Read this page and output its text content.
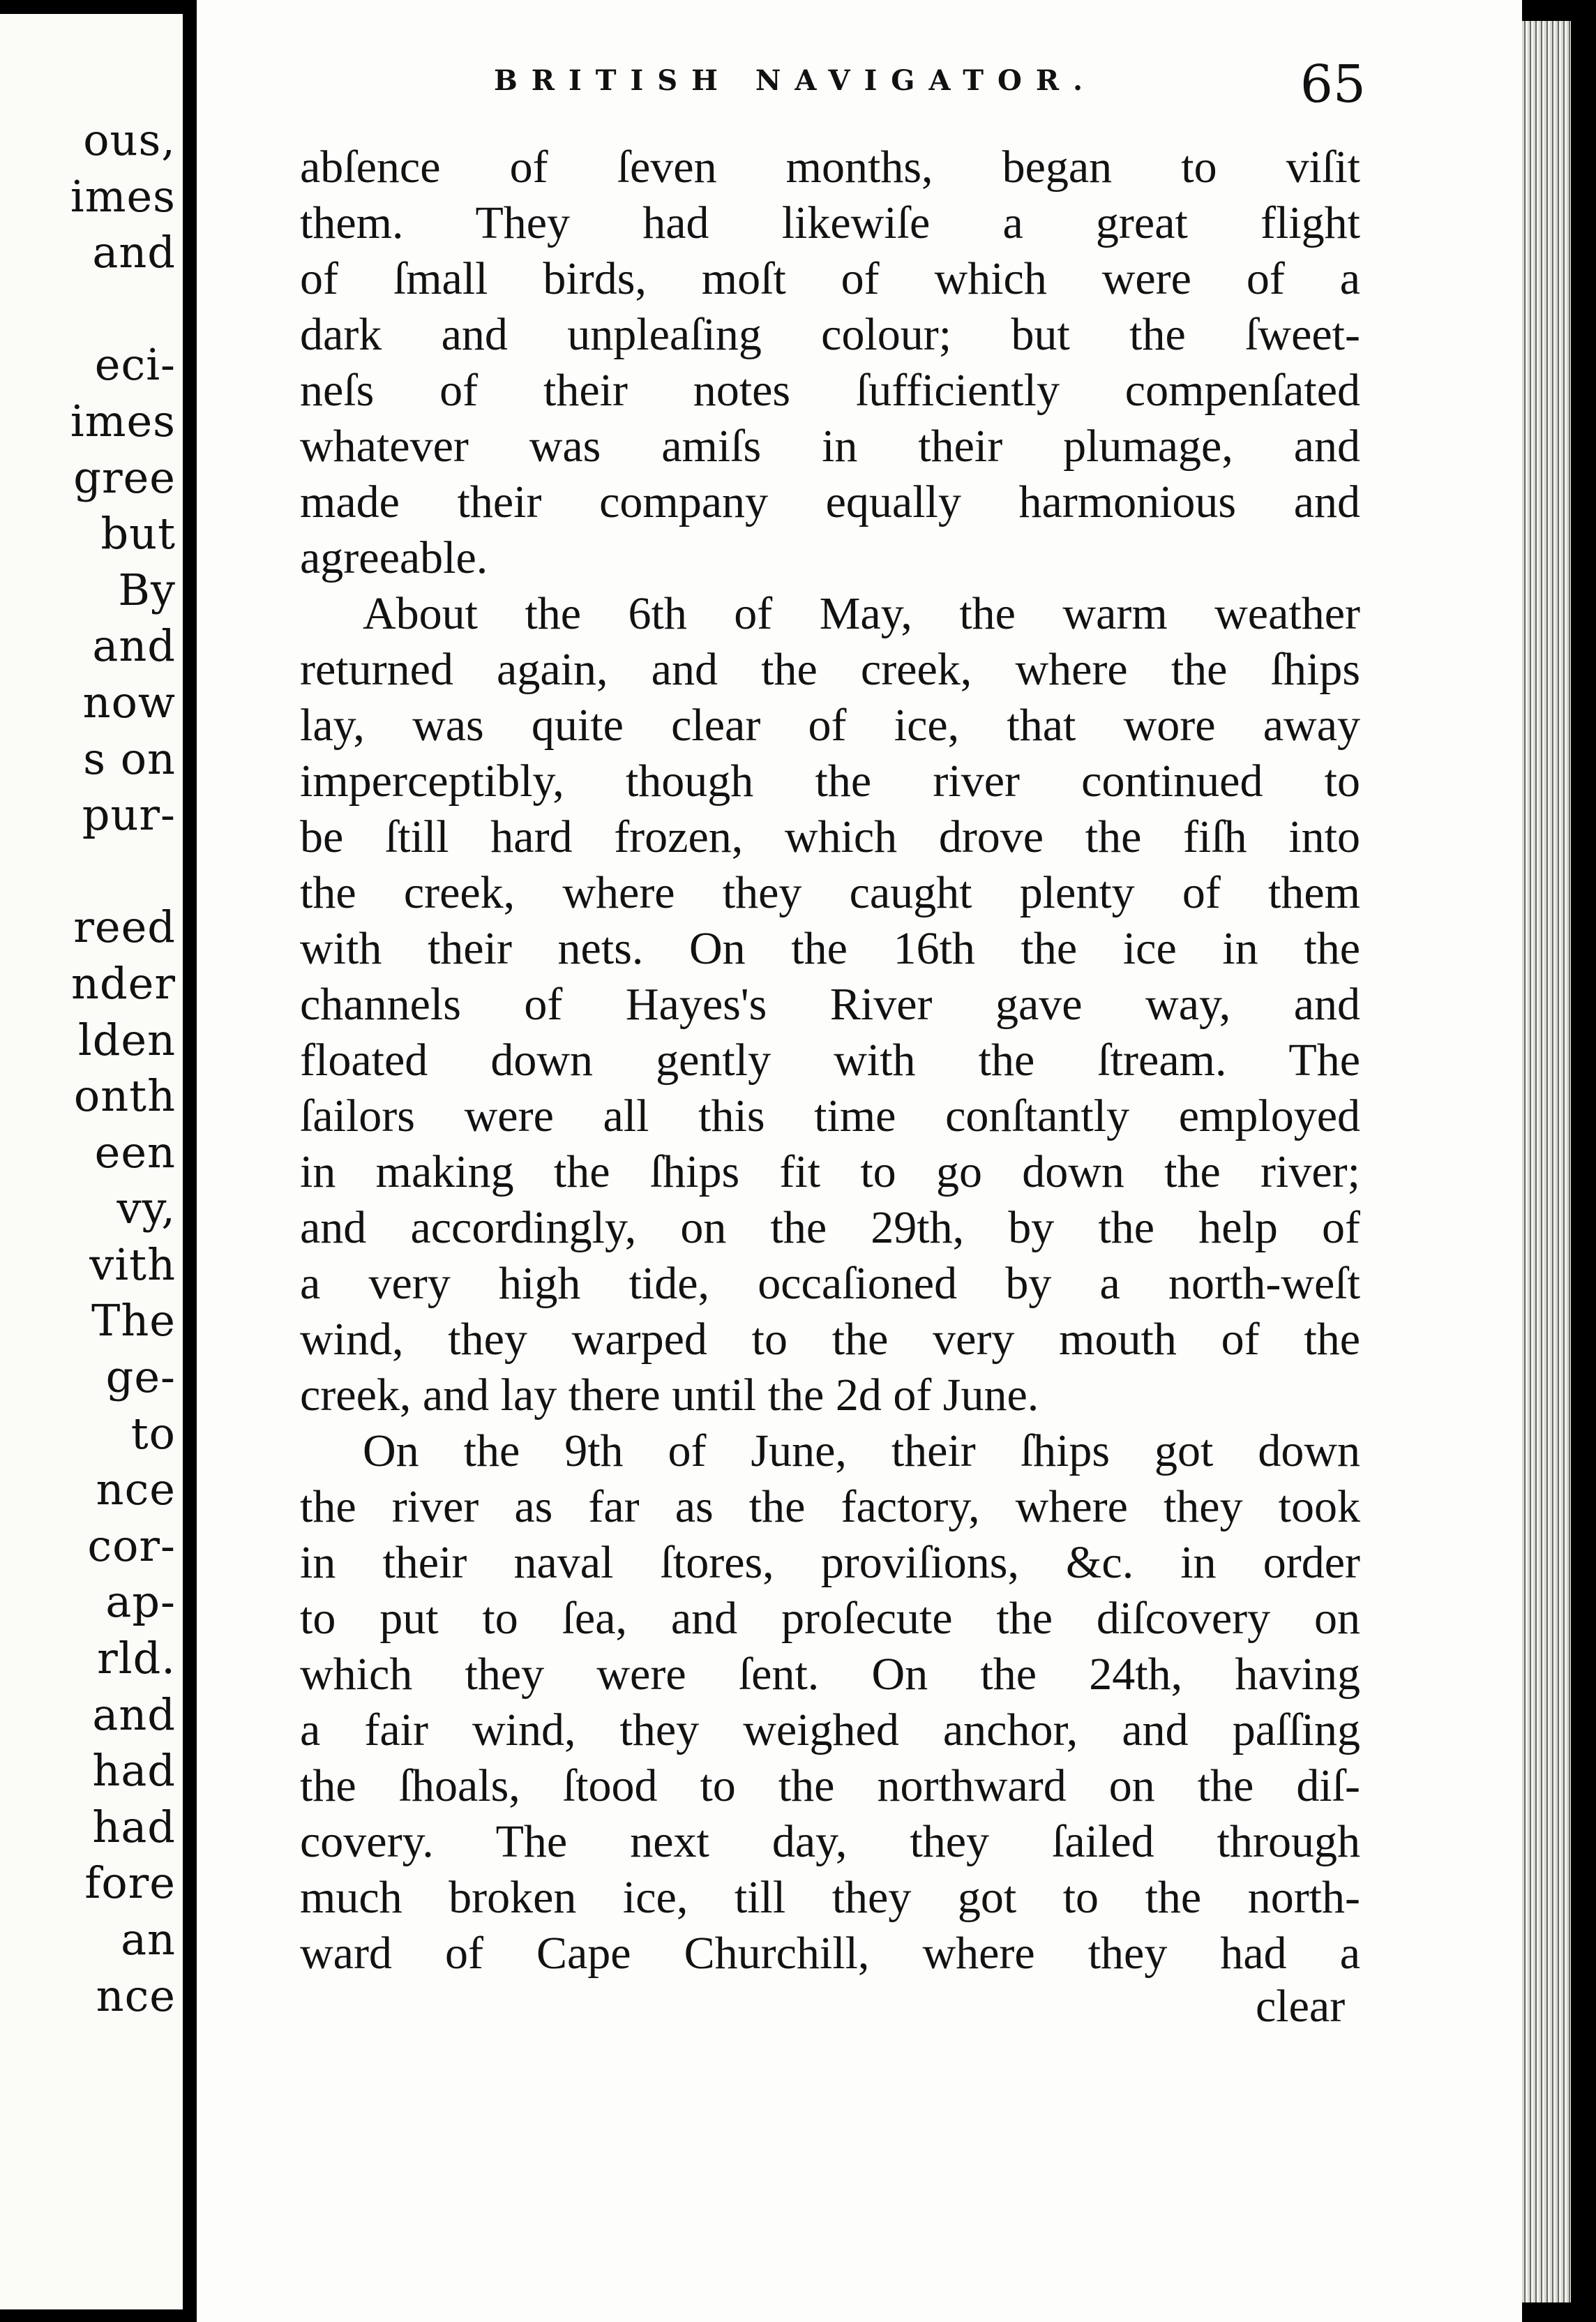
ous,
imes
and
eci-
imes
gree
but
By
and
now
s on
pur-
reed
nder
lden
onth
een
vy,
vith
The
ge-
to
nce
cor-
ap-
rld.
and
had
had
fore
an
nce
BRITISH NAVIGATOR.	65
abſence of ſeven months, began to viſit
them. They had likewiſe a great flight
of ſmall birds, moſt of which were of a
dark and unpleaſing colour; but the ſweet-
neſs of their notes ſufficiently compenſated
whatever was amiſs in their plumage, and
made their company equally harmonious and
agreeable.
About the 6th of May, the warm weather
returned again, and the creek, where the ſhips
lay, was quite clear of ice, that wore away
imperceptibly, though the river continued to
be ſtill hard frozen, which drove the fiſh into
the creek, where they caught plenty of them
with their nets. On the 16th the ice in the
channels of Hayes's River gave way, and
floated down gently with the ſtream. The
ſailors were all this time conſtantly employed
in making the ſhips fit to go down the river;
and accordingly, on the 29th, by the help of
a very high tide, occaſioned by a north-weſt
wind, they warped to the very mouth of the
creek, and lay there until the 2d of June.
On the 9th of June, their ſhips got down
the river as far as the factory, where they took
in their naval ſtores, proviſions, &c. in order
to put to ſea, and proſecute the diſcovery on
which they were ſent. On the 24th, having
a fair wind, they weighed anchor, and paſſing
the ſhoals, ſtood to the northward on the diſ-
covery. The next day, they ſailed through
much broken ice, till they got to the north-
ward of Cape Churchill, where they had a
clear
